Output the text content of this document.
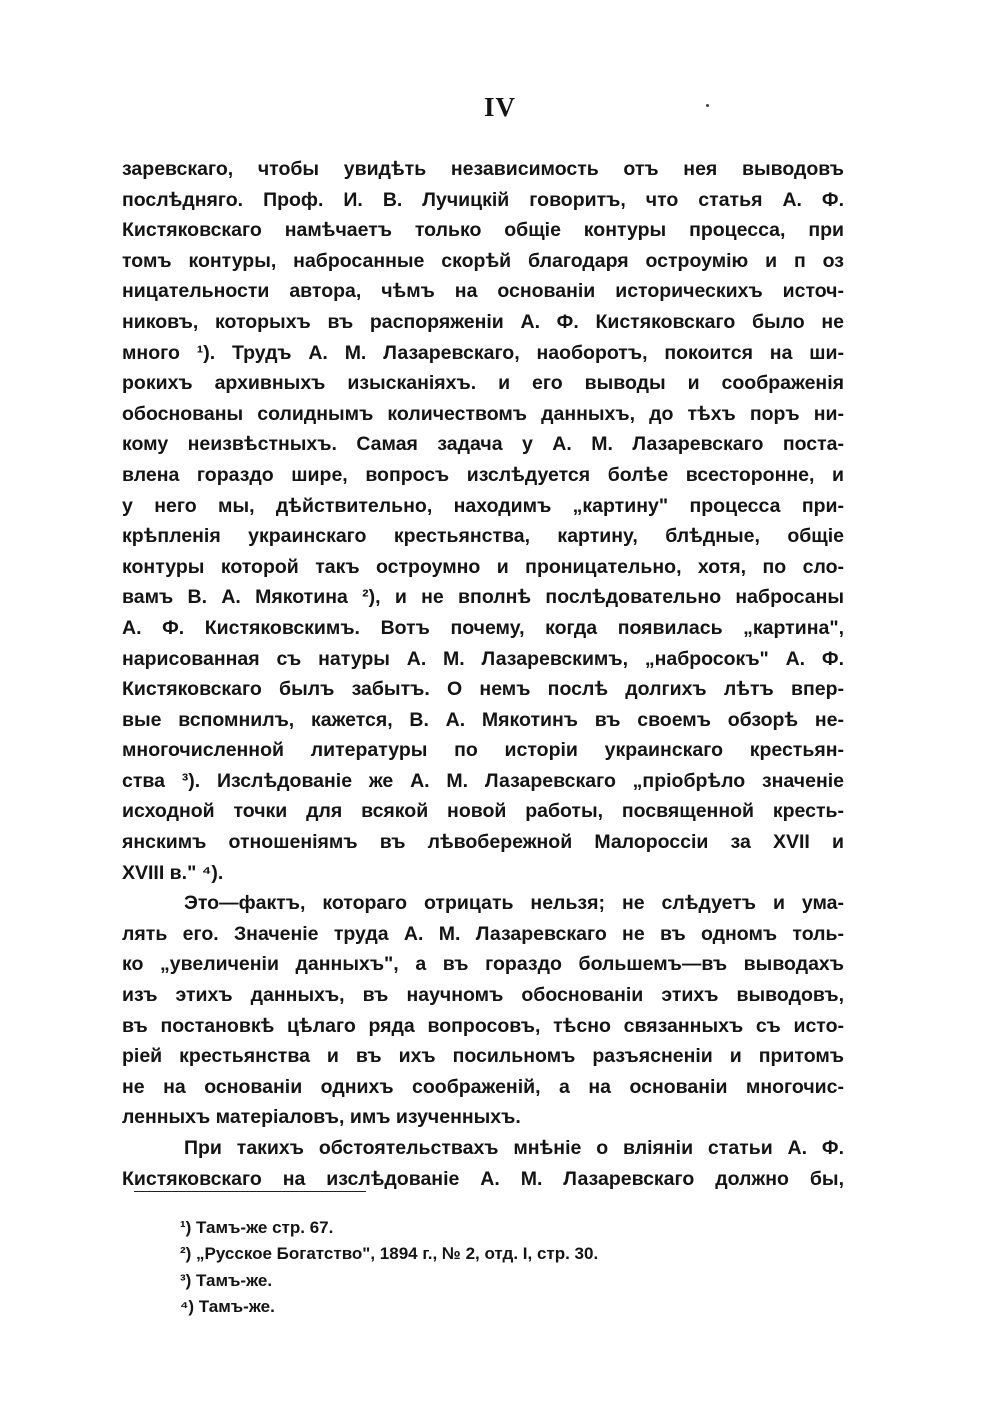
IV
заревскаго, чтобы увидѣть независимость отъ нея выводовъ
послѣдняго. Проф. И. В. Лучицкій говоритъ, что статья А. Ф.
Кистяковскаго намѣчаетъ только общіе контуры процесса, при
томъ контуры, набросанные скорѣй благодаря остроумію и п оз
ницательности автора, чѣмъ на основаніи историческихъ источ-
никовъ, которыхъ въ распоряженіи А. Ф. Кистяковскаго было не
много ¹). Трудъ А. М. Лазаревскаго, наоборотъ, покоится на ши-
рокихъ архивныхъ изысканіяхъ. и его выводы и соображенія
обоснованы солиднымъ количествомъ данныхъ, до тѣхъ поръ ни-
кому неизвѣстныхъ. Самая задача у А. М. Лазаревскаго поста-
влена гораздо шире, вопросъ изслѣдуется болѣе всесторонне, и
у него мы, дѣйствительно, находимъ „картину" процесса при-
крѣпленія украинскаго крестьянства, картину, блѣдные, общіе
контуры которой такъ остроумно и проницательно, хотя, по сло-
вамъ В. А. Мякотина ²), и не вполнѣ послѣдовательно набросаны
А. Ф. Кистяковскимъ. Вотъ почему, когда появилась „картина",
нарисованная съ натуры А. М. Лазаревскимъ, „набросокъ" А. Ф.
Кистяковскаго былъ забытъ. О немъ послѣ долгихъ лѣтъ впер-
вые вспомнилъ, кажется, В. А. Мякотинъ въ своемъ обзорѣ не-
многочисленной литературы по исторіи украинскаго крестьян-
ства ³). Изслѣдованіе же А. М. Лазаревскаго „пріобрѣло значеніе
исходной точки для всякой новой работы, посвященной кресть-
янскимъ отношеніямъ въ лѣвобережной Малороссіи за XVII и
XVIII в." ⁴).
Это—фактъ, котораго отрицать нельзя; не слѣдуетъ и ума-
лять его. Значеніе труда А. М. Лазаревскаго не въ одномъ толь-
ко „увеличеніи данныхъ", а въ гораздо большемъ—въ выводахъ
изъ этихъ данныхъ, въ научномъ обоснованіи этихъ выводовъ,
въ постановкѣ цѣлаго ряда вопросовъ, тѣсно связанныхъ съ исто-
ріей крестьянства и въ ихъ посильномъ разъясненіи и притомъ
не на основаніи однихъ соображеній, а на основаніи многочис-
ленныхъ матеріаловъ, имъ изученныхъ.
При такихъ обстоятельствахъ мнѣніе о вліяніи статьи А. Ф.
Кистяковскаго на изслѣдованіе А. М. Лазаревскаго должно бы,
¹) Тамъ-же стр. 67.
²) „Русское Богатство", 1894 г., № 2, отд. I, стр. 30.
³) Тамъ-же.
⁴) Тамъ-же.
